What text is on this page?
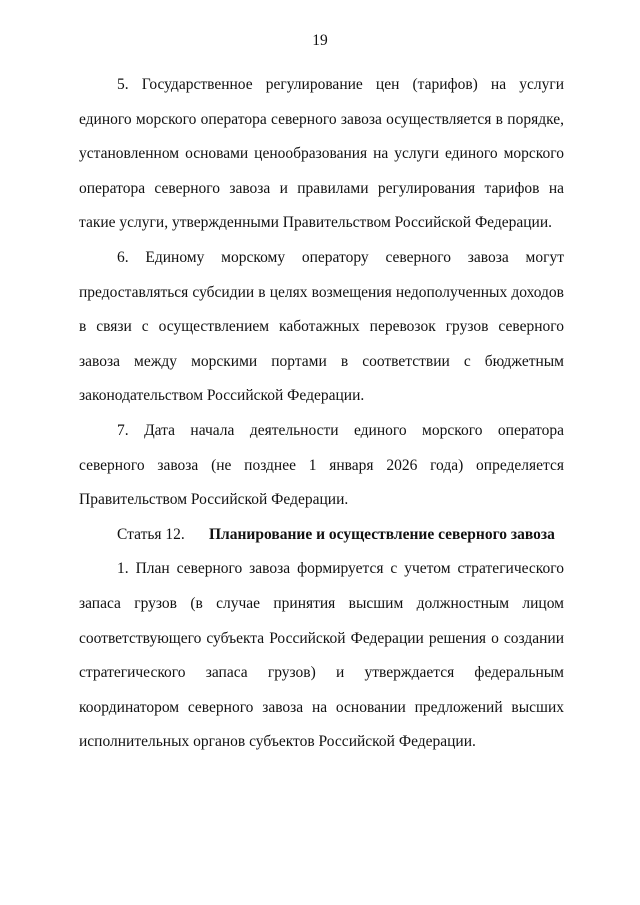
19

5. Государственное регулирование цен (тарифов) на услуги единого морского оператора северного завоза осуществляется в порядке, установленном основами ценообразования на услуги единого морского оператора северного завоза и правилами регулирования тарифов на такие услуги, утвержденными Правительством Российской Федерации.

6. Единому морскому оператору северного завоза могут предоставляться субсидии в целях возмещения недополученных доходов в связи с осуществлением каботажных перевозок грузов северного завоза между морскими портами в соответствии с бюджетным законодательством Российской Федерации.

7. Дата начала деятельности единого морского оператора северного завоза (не позднее 1 января 2026 года) определяется Правительством Российской Федерации.

Статья 12. Планирование и осуществление северного завоза

1. План северного завоза формируется с учетом стратегического запаса грузов (в случае принятия высшим должностным лицом соответствующего субъекта Российской Федерации решения о создании стратегического запаса грузов) и утверждается федеральным координатором северного завоза на основании предложений высших исполнительных органов субъектов Российской Федерации.
